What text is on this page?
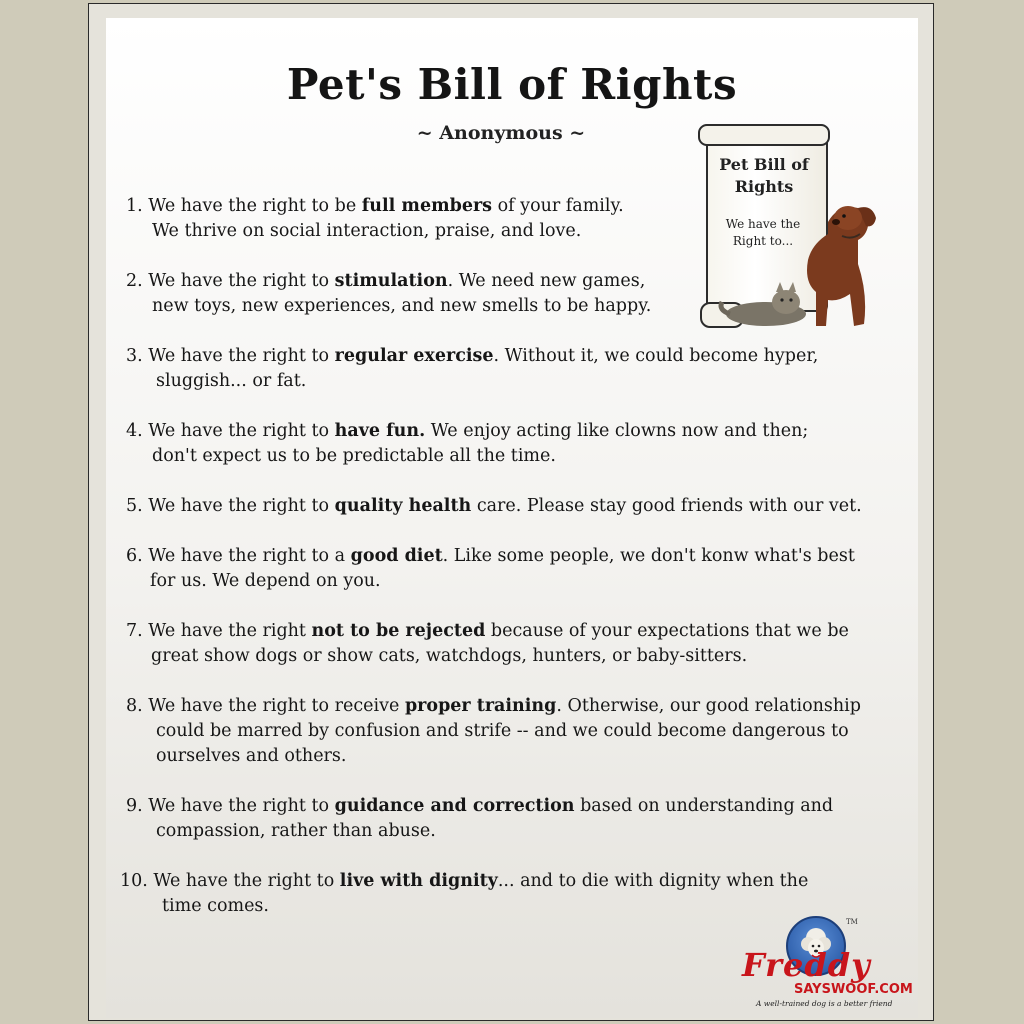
Pet's Bill of Rights
~ Anonymous ~
1. We have the right to be full members of your family.
We thrive on social interaction, praise, and love.
2. We have the right to stimulation. We need new games,
new toys, new experiences, and new smells to be happy.
3. We have the right to regular exercise. Without it, we could become hyper,
sluggish... or fat.
4. We have the right to have fun. We enjoy acting like clowns now and then;
don't expect us to be predictable all the time.
5. We have the right to quality health care. Please stay good friends with our vet.
6. We have the right to a good diet. Like some people, we don't konw what's best
for us. We depend on you.
7. We have the right not to be rejected because of your expectations that we be
great show dogs or show cats, watchdogs, hunters, or baby-sitters.
8. We have the right to receive proper training. Otherwise, our good relationship
could be marred by confusion and strife -- and we could become dangerous to
ourselves and others.
9. We have the right to guidance and correction based on understanding and
compassion, rather than abuse.
10. We have the right to live with dignity... and to die with dignity when the
time comes.
Pet Bill of Rights
We have the Right to...
TM
Freddy
SAYSWOOF.COM
A well-trained dog is a better friend
